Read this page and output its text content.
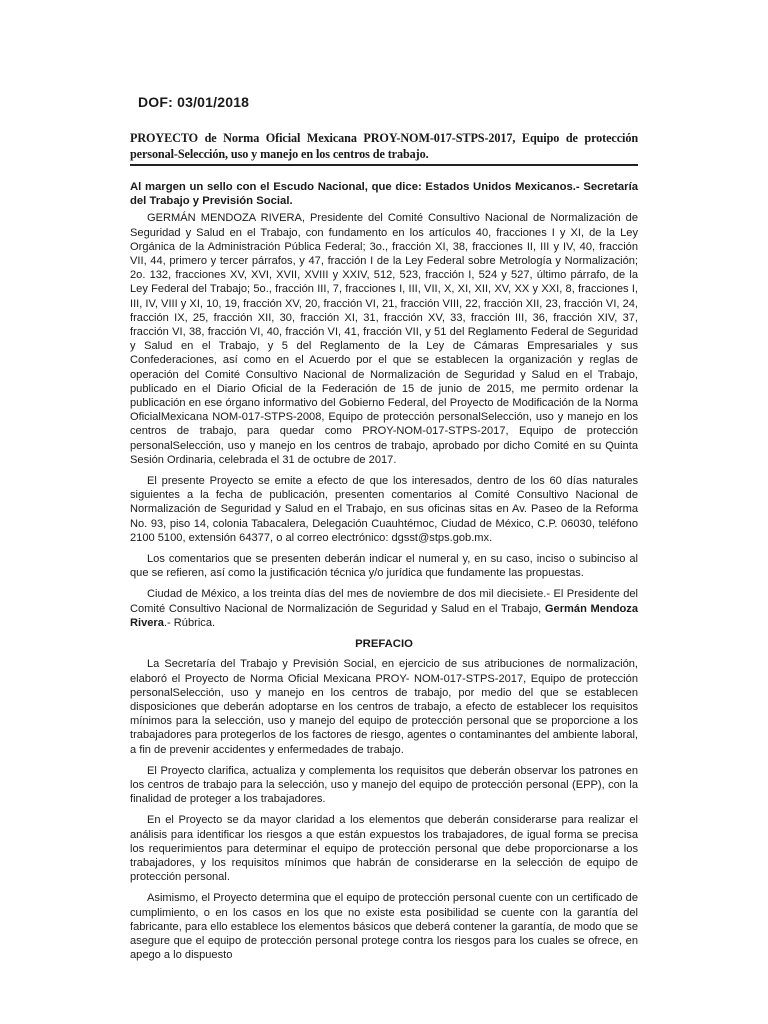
DOF: 03/01/2018

PROYECTO de Norma Oficial Mexicana PROY-NOM-017-STPS-2017, Equipo de protección personal-Selección, uso y manejo en los centros de trabajo.

Al margen un sello con el Escudo Nacional, que dice: Estados Unidos Mexicanos.- Secretaría del Trabajo y Previsión Social.

GERMÁN MENDOZA RIVERA, Presidente del Comité Consultivo Nacional de Normalización de Seguridad y Salud en el Trabajo, con fundamento en los artículos 40, fracciones I y XI, de la Ley Orgánica de la Administración Pública Federal; 3o., fracción XI, 38, fracciones II, III y IV, 40, fracción VII, 44, primero y tercer párrafos, y 47, fracción I de la Ley Federal sobre Metrología y Normalización; 2o. 132, fracciones XV, XVI, XVII, XVIII y XXIV, 512, 523, fracción I, 524 y 527, último párrafo, de la Ley Federal del Trabajo; 5o., fracción III, 7, fracciones I, III, VII, X, XI, XII, XV, XX y XXI, 8, fracciones I, III, IV, VIII y XI, 10, 19, fracción XV, 20, fracción VI, 21, fracción VIII, 22, fracción XII, 23, fracción VI, 24, fracción IX, 25, fracción XII, 30, fracción XI, 31, fracción XV, 33, fracción III, 36, fracción XIV, 37, fracción VI, 38, fracción VI, 40, fracción VI, 41, fracción VII, y 51 del Reglamento Federal de Seguridad y Salud en el Trabajo, y 5 del Reglamento de la Ley de Cámaras Empresariales y sus Confederaciones, así como en el Acuerdo por el que se establecen la organización y reglas de operación del Comité Consultivo Nacional de Normalización de Seguridad y Salud en el Trabajo, publicado en el Diario Oficial de la Federación de 15 de junio de 2015, me permito ordenar la publicación en ese órgano informativo del Gobierno Federal, del Proyecto de Modificación de la Norma OficialMexicana NOM-017-STPS-2008, Equipo de protección personalSelección, uso y manejo en los centros de trabajo, para quedar como PROY-NOM-017-STPS-2017, Equipo de protección personalSelección, uso y manejo en los centros de trabajo, aprobado por dicho Comité en su Quinta Sesión Ordinaria, celebrada el 31 de octubre de 2017.

El presente Proyecto se emite a efecto de que los interesados, dentro de los 60 días naturales siguientes a la fecha de publicación, presenten comentarios al Comité Consultivo Nacional de Normalización de Seguridad y Salud en el Trabajo, en sus oficinas sitas en Av. Paseo de la Reforma No. 93, piso 14, colonia Tabacalera, Delegación Cuauhtémoc, Ciudad de México, C.P. 06030, teléfono 2100 5100, extensión 64377, o al correo electrónico: dgsst@stps.gob.mx.

Los comentarios que se presenten deberán indicar el numeral y, en su caso, inciso o subinciso al que se refieren, así como la justificación técnica y/o jurídica que fundamente las propuestas.

Ciudad de México, a los treinta días del mes de noviembre de dos mil diecisiete.- El Presidente del Comité Consultivo Nacional de Normalización de Seguridad y Salud en el Trabajo, Germán Mendoza Rivera.- Rúbrica.

PREFACIO

La Secretaría del Trabajo y Previsión Social, en ejercicio de sus atribuciones de normalización, elaboró el Proyecto de Norma Oficial Mexicana PROY- NOM-017-STPS-2017, Equipo de protección personalSelección, uso y manejo en los centros de trabajo, por medio del que se establecen disposiciones que deberán adoptarse en los centros de trabajo, a efecto de establecer los requisitos mínimos para la selección, uso y manejo del equipo de protección personal que se proporcione a los trabajadores para protegerlos de los factores de riesgo, agentes o contaminantes del ambiente laboral, a fin de prevenir accidentes y enfermedades de trabajo.

El Proyecto clarifica, actualiza y complementa los requisitos que deberán observar los patrones en los centros de trabajo para la selección, uso y manejo del equipo de protección personal (EPP), con la finalidad de proteger a los trabajadores.

En el Proyecto se da mayor claridad a los elementos que deberán considerarse para realizar el análisis para identificar los riesgos a que están expuestos los trabajadores, de igual forma se precisa los requerimientos para determinar el equipo de protección personal que debe proporcionarse a los trabajadores, y los requisitos mínimos que habrán de considerarse en la selección de equipo de protección personal.

Asimismo, el Proyecto determina que el equipo de protección personal cuente con un certificado de cumplimiento, o en los casos en los que no existe esta posibilidad se cuente con la garantía del fabricante, para ello establece los elementos básicos que deberá contener la garantía, de modo que se asegure que el equipo de protección personal protege contra los riesgos para los cuales se ofrece, en apego a lo dispuesto
